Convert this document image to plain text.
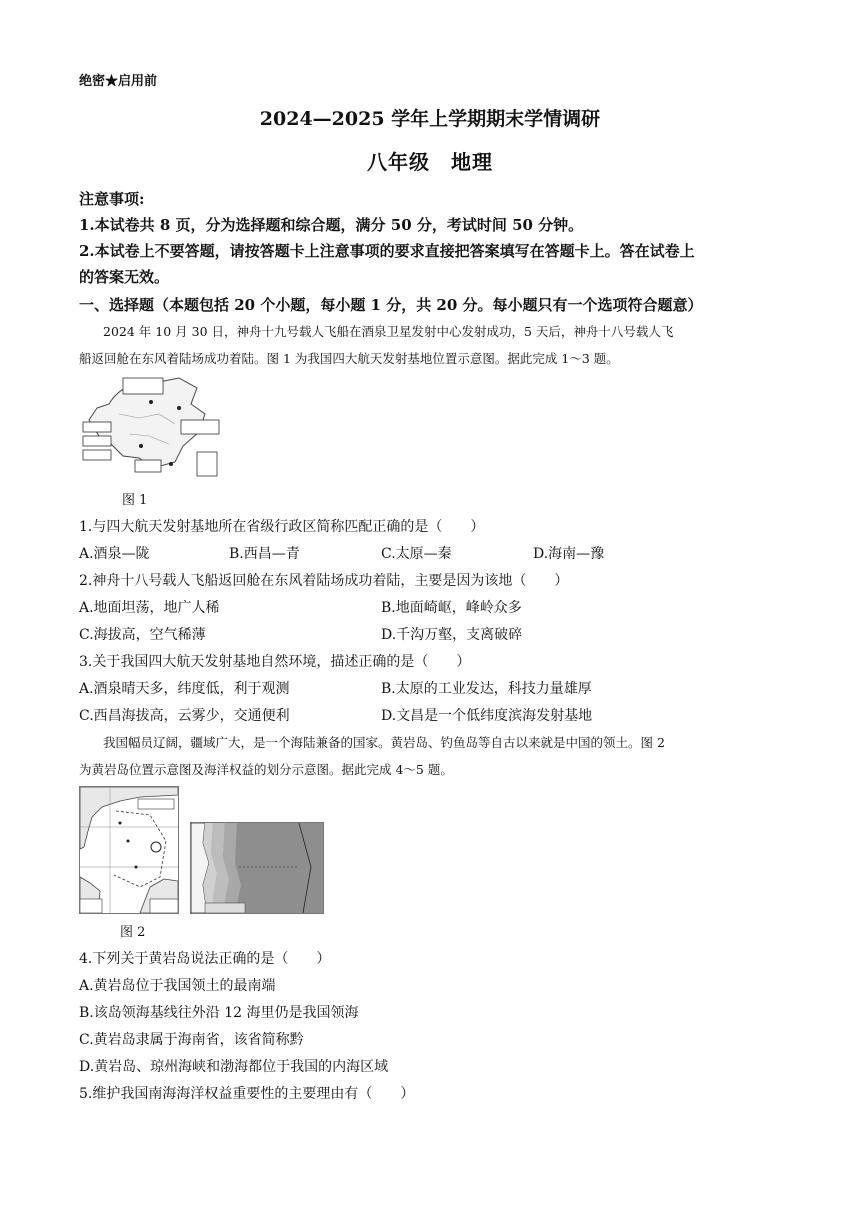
绝密★启用前
2024—2025 学年上学期期末学情调研
八年级　地理
注意事项:
1.本试卷共 8 页，分为选择题和综合题，满分 50 分，考试时间 50 分钟。
2.本试卷上不要答题，请按答题卡上注意事项的要求直接把答案填写在答题卡上。答在试卷上
的答案无效。
一、选择题（本题包括 20 个小题，每小题 1 分，共 20 分。每小题只有一个选项符合题意）
2024 年 10 月 30 日，神舟十九号载人飞船在酒泉卫星发射中心发射成功，5 天后，神舟十八号载人飞
船返回舱在东风着陆场成功着陆。图 1 为我国四大航天发射基地位置示意图。据此完成 1～3 题。
图 1
1.与四大航天发射基地所在省级行政区简称匹配正确的是（　　）
A.酒泉—陇	B.西昌—青	C.太原—秦	D.海南—豫
2.神舟十八号载人飞船返回舱在东风着陆场成功着陆，主要是因为该地（　　）
A.地面坦荡，地广人稀	B.地面崎岖，峰岭众多
C.海拔高，空气稀薄	D.千沟万壑，支离破碎
3.关于我国四大航天发射基地自然环境，描述正确的是（　　）
A.酒泉晴天多，纬度低，利于观测	B.太原的工业发达，科技力量雄厚
C.西昌海拔高，云雾少，交通便利	D.文昌是一个低纬度滨海发射基地
我国幅员辽阔，疆域广大，是一个海陆兼备的国家。黄岩岛、钓鱼岛等自古以来就是中国的领土。图 2
为黄岩岛位置示意图及海洋权益的划分示意图。据此完成 4～5 题。
图 2
4.下列关于黄岩岛说法正确的是（　　）
A.黄岩岛位于我国领土的最南端
B.该岛领海基线往外沿 12 海里仍是我国领海
C.黄岩岛隶属于海南省，该省简称黔
D.黄岩岛、琼州海峡和渤海都位于我国的内海区域
5.维护我国南海海洋权益重要性的主要理由有（　　）
